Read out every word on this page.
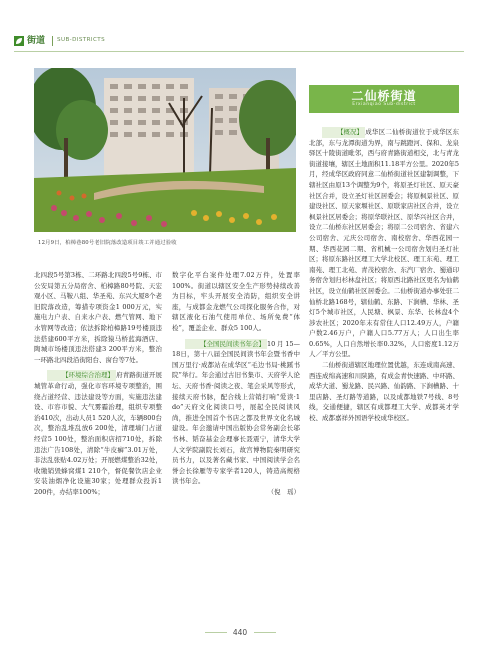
街道 SUB-DISTRICTS
12月9日，柏樟巷80号老旧院落改造项目竣工并通过验收
二仙桥街道
Erxianqiao Sub-district

北四段5号第3栋、二环路北四段5号9栋、市公安局第五分局宿舍、柏樟路80号院、天宏观小区、马鞍八组、华圣苑、东兴大厦8个老旧院落改造，筹措专项资金1 000万元，实施电力户表、自来水户表、燃气管网、地下水管网等改造；依法拆除柏樟路19号楼顶违法搭建600平方米，拆除猿马桥蓝海酒店、陶城市场楼顶违法搭建3 200平方米，整治一环路北四段沿街阳台、窗台等7处。

【环境综合治理】 府青路街道开展城管革命行动，强化市容环境专项整治，围绕占道经营、违法建设等方面，实施违法建设、市容市貌、大气雾霾治理，组织专项整治410次，出动人员1 520人次，车辆800台次，整治乱堆乱放6 200处，清理墙门占道经营5 100处，整治面积店招710处，拆除违法广告108处，清除“牛皮癣”3.01万处，非法乱张贴4.02万处；开展燃煤整治32处，收缴销毁蜂窝煤1 210个，督促餐饮店企业安装油烟净化设施30家；处理群众投诉1 200件，办结率100%；

数字化平台案件处理7.02万件，处置率100%。街道以辖区安全生产形势持续改善为目标，牢头开展安全消防，组织安全讲座，与成都金龙燃气公司探化服务合作，对辖区液化石油气使用单位、场所免费“体检”，覆盖企业、群众5 100人。

【全国民间读书年会】 10月15—18日，第十八届全国民间读书年会暨书香中国万里行·成都站在成华区“毛边书局·桃蹊书院”举行。年会通过古旧书集市、天府学人论坛、天府书香·阅读之夜、笔会采风等形式，接续天府书脉，配合线上营销打响“爱读·1 do”天府文化阅读口号，展起全民阅读风尚，推进全国首个书店之都及世界文化名城建设。年会邀请中国出版协会常务副会长邬书林、韬奋基金会理事长聂震宁，清华大学人文学院副院长刘石，故宫博物院秦明研究员书力，以及著名藏书家、中国阅读学会名誉会长徐雁等专家学者120人，铸造高规格读书年会。

（倪　瑶）

【概况】 成华区二仙桥街道位于成华区东北部，东与龙潭街道为界，南与跳蹬河、保和、龙泉驿区十陵街道毗邻，西与府青路街道相交，北与青龙街道接壤，辖区土地面积11.18平方公里。2020年5月，经成华区政府同意二仙桥街道社区建制调整，下辖社区由原13个调整为9个，将原圣灯社区、原天豪社区合并，设立圣灯社区居委会；将原枫景社区、原建设社区、原天家堰社区、原联家店社区合并，设立枫景社区居委会；将原华联社区、原华兴社区合并，设立二仙桥东社区居委会；将原二公司宿舍、省建六公司宿舍、元庆公司宿舍、南校宿舍、华西花园一期、华西花园二期、省机械一公司宿舍划归圣灯社区；将原东路社区理工大学北校区、理工东苑、理工南苑、理工北苑、青茂校宿舍、东汽厂宿舍、蜀通印务宿舍划归杉林盘社区；将原西北路社区更名为仙鹤社区，设立仙鹤社区居委会。二仙桥街道办事处驻二仙桥北路168号，辖仙鹤、东路、下涧槽、华林、圣灯5个城市社区，人民塘、枫景、东华、长林盘4个涉农社区；2020年末有常住人口12.49万人，户籍户数2.46万户，户籍人口5.77万人；人口出生率0.65%，人口自然增长率0.32%，人口密度1.12万人／平方公里。

二仙桥街道辖区地理位置优越，东连成南高速、西连成绵高速和川陕路，有成金青快速路、中环路、成华大道、蜀龙路、民兴路、仙韵路、下涧槽路、十里店路、圣灯路等道路，以及成都地铁7号线、8号线，交通便捷，辖区有成都理工大学、成都英才学校、成都嘉祥外国语学校成华校区。

440
